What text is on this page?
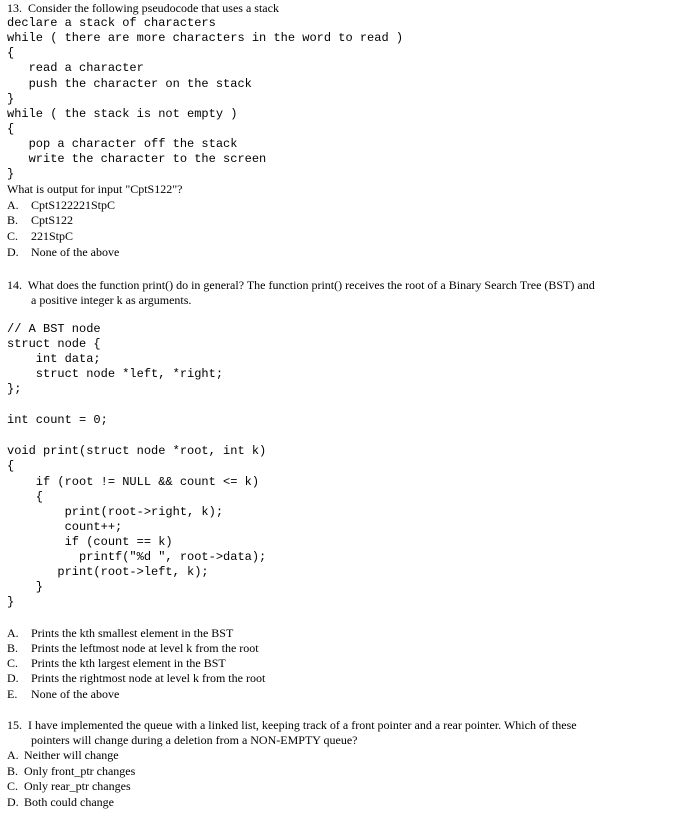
13.  Consider the following pseudocode that uses a stack
declare a stack of characters
while ( there are more characters in the word to read )
{
read a character
push the character on the stack
}
while ( the stack is not empty )
{
pop a character off the stack
write the character to the screen
}
What is output for input "CptS122"?
A. CptS122221StpC
B. CptS122
C. 221StpC
D. None of the above
14.  What does the function print() do in general? The function print() receives the root of a Binary Search Tree (BST) and
a positive integer k as arguments.
// A BST node
struct node {
int data;
struct node *left, *right;
};
int count = 0;
void print(struct node *root, int k)
{
if (root != NULL && count <= k)
{
print(root->right, k);
count++;
if (count == k)
printf("%d ", root->data);
print(root->left, k);
}
}
A. Prints the kth smallest element in the BST
B. Prints the leftmost node at level k from the root
C. Prints the kth largest element in the BST
D. Prints the rightmost node at level k from the root
E. None of the above
15.  I have implemented the queue with a linked list, keeping track of a front pointer and a rear pointer. Which of these
pointers will change during a deletion from a NON-EMPTY queue?
A. Neither will change
B. Only front_ptr changes
C. Only rear_ptr changes
D. Both could change
